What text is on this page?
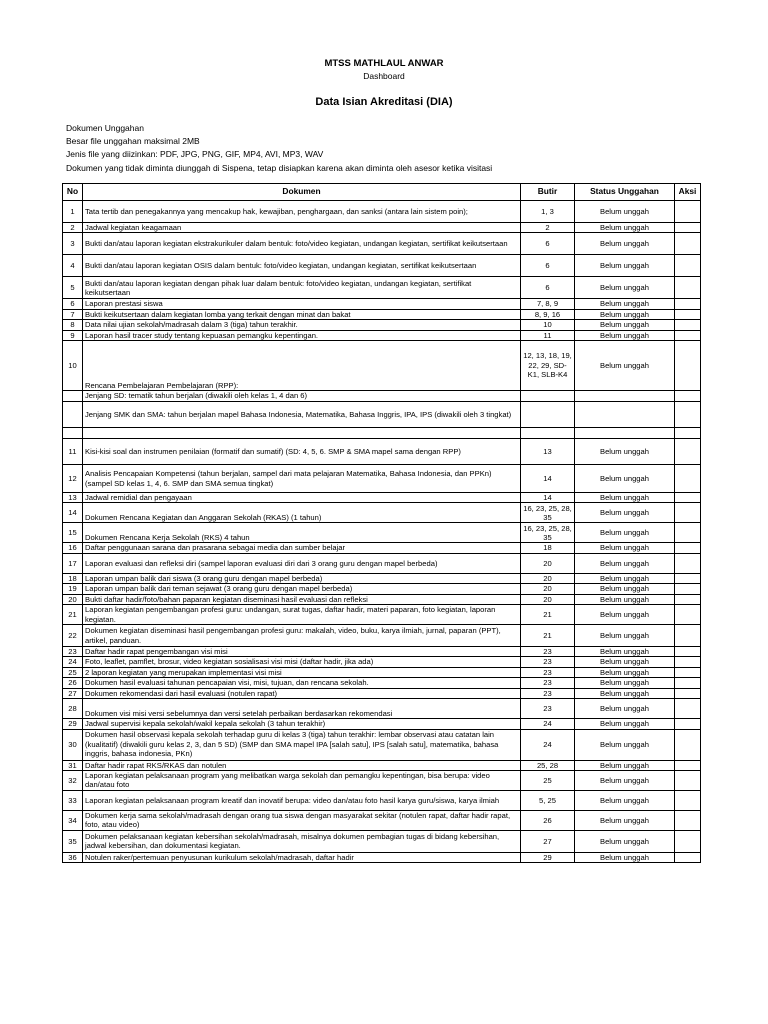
MTSS MATHLAUL ANWAR
Dashboard
Data Isian Akreditasi (DIA)
Dokumen Unggahan
Besar file unggahan maksimal 2MB
Jenis file yang diizinkan: PDF, JPG, PNG, GIF, MP4, AVI, MP3, WAV
Dokumen yang tidak diminta diunggah di Sispena, tetap disiapkan karena akan diminta oleh asesor ketika visitasi
No	Dokumen	Butir	Status Unggahan	Aksi
1	Tata tertib dan penegakannya yang mencakup hak, kewajiban, penghargaan, dan sanksi (antara lain sistem poin);	1, 3	Belum unggah	
2	Jadwal kegiatan keagamaan	2	Belum unggah	
3	Bukti dan/atau laporan kegiatan ekstrakurikuler dalam bentuk: foto/video kegiatan, undangan kegiatan, sertifikat keikutsertaan	6	Belum unggah	
4	Bukti dan/atau laporan kegiatan OSIS dalam bentuk: foto/video kegiatan, undangan kegiatan, sertifikat keikutsertaan	6	Belum unggah	
5	Bukti dan/atau laporan kegiatan dengan pihak luar dalam bentuk: foto/video kegiatan, undangan kegiatan, sertifikat keikutsertaan	6	Belum unggah	
6	Laporan prestasi siswa	7, 8, 9	Belum unggah	
7	Bukti keikutsertaan dalam kegiatan lomba yang terkait dengan minat dan bakat	8, 9, 16	Belum unggah	
8	Data nilai ujian sekolah/madrasah dalam 3 (tiga) tahun terakhir.	10	Belum unggah	
9	Laporan hasil tracer study tentang kepuasan pemangku kepentingan.	11	Belum unggah	
10	Rencana Pembelajaran Pembelajaran (RPP):	12, 13, 18, 19, 22, 29, SD-K1, SLB-K4	Belum unggah	
	Jenjang SD: tematik tahun berjalan (diwakili oleh kelas 1, 4 dan 6)			
	Jenjang SMK dan SMA: tahun berjalan mapel Bahasa Indonesia, Matematika, Bahasa Inggris, IPA, IPS (diwakili oleh 3 tingkat)			

11	Kisi-kisi soal dan instrumen penilaian (formatif dan sumatif) (SD: 4, 5, 6. SMP & SMA mapel sama dengan RPP)	13	Belum unggah	
12	Analisis Pencapaian Kompetensi (tahun berjalan, sampel dari mata pelajaran Matematika, Bahasa Indonesia, dan PPKn) (sampel SD kelas 1, 4, 6. SMP dan SMA semua tingkat)	14	Belum unggah	
13	Jadwal remidial dan pengayaan	14	Belum unggah	
14	Dokumen Rencana Kegiatan dan Anggaran Sekolah (RKAS) (1 tahun)	16, 23, 25, 28, 35	Belum unggah	
15	Dokumen Rencana Kerja Sekolah (RKS) 4 tahun	16, 23, 25, 28, 35	Belum unggah	
16	Daftar penggunaan sarana dan prasarana sebagai media dan sumber belajar	18	Belum unggah	
17	Laporan evaluasi dan refleksi diri (sampel laporan evaluasi diri dari 3 orang guru dengan mapel berbeda)	20	Belum unggah	
18	Laporan umpan balik dari siswa (3 orang guru dengan mapel berbeda)	20	Belum unggah	
19	Laporan umpan balik dari teman sejawat (3 orang guru dengan mapel berbeda)	20	Belum unggah	
20	Bukti daftar hadir/foto/bahan paparan kegiatan diseminasi hasil evaluasi dan refleksi	20	Belum unggah	
21	Laporan kegiatan pengembangan profesi guru: undangan, surat tugas, daftar hadir, materi paparan, foto kegiatan, laporan kegiatan.	21	Belum unggah	
22	Dokumen kegiatan diseminasi hasil pengembangan profesi guru: makalah, video, buku, karya ilmiah, jurnal, paparan (PPT), artikel, panduan.	21	Belum unggah	
23	Daftar hadir rapat pengembangan visi misi	23	Belum unggah	
24	Foto, leaflet, pamflet, brosur, video kegiatan sosialisasi visi misi (daftar hadir, jika ada)	23	Belum unggah	
25	2 laporan kegiatan yang merupakan implementasi visi misi	23	Belum unggah	
26	Dokumen hasil evaluasi tahunan pencapaian visi, misi, tujuan, dan rencana sekolah.	23	Belum unggah	
27	Dokumen rekomendasi dari hasil evaluasi (notulen rapat)	23	Belum unggah	
28	Dokumen visi misi versi sebelumnya dan versi setelah perbaikan berdasarkan rekomendasi	23	Belum unggah	
29	Jadwal supervisi kepala sekolah/wakil kepala sekolah (3 tahun terakhir)	24	Belum unggah	
30	Dokumen hasil observasi kepala sekolah terhadap guru di kelas 3 (tiga) tahun terakhir: lembar observasi atau catatan lain (kualitatif) (diwakili guru kelas 2, 3, dan 5 SD) (SMP dan SMA mapel IPA [salah satu], IPS [salah satu], matematika, bahasa inggris, bahasa indonesia, PKn)	24	Belum unggah	
31	Daftar hadir rapat RKS/RKAS dan notulen	25, 28	Belum unggah	
32	Laporan kegiatan pelaksanaan program yang melibatkan warga sekolah dan pemangku kepentingan, bisa berupa: video dan/atau foto	25	Belum unggah	
33	Laporan kegiatan pelaksanaan program kreatif dan inovatif berupa: video dan/atau foto hasil karya guru/siswa, karya ilmiah	5, 25	Belum unggah	
34	Dokumen kerja sama sekolah/madrasah dengan orang tua siswa dengan masyarakat sekitar (notulen rapat, daftar hadir rapat, foto, atau video)	26	Belum unggah	
35	Dokumen pelaksanaan kegiatan kebersihan sekolah/madrasah, misalnya dokumen pembagian tugas di bidang kebersihan, jadwal kebersihan, dan dokumentasi kegiatan.	27	Belum unggah	
36	Notulen raker/pertemuan penyusunan kurikulum sekolah/madrasah, daftar hadir	29	Belum unggah	
